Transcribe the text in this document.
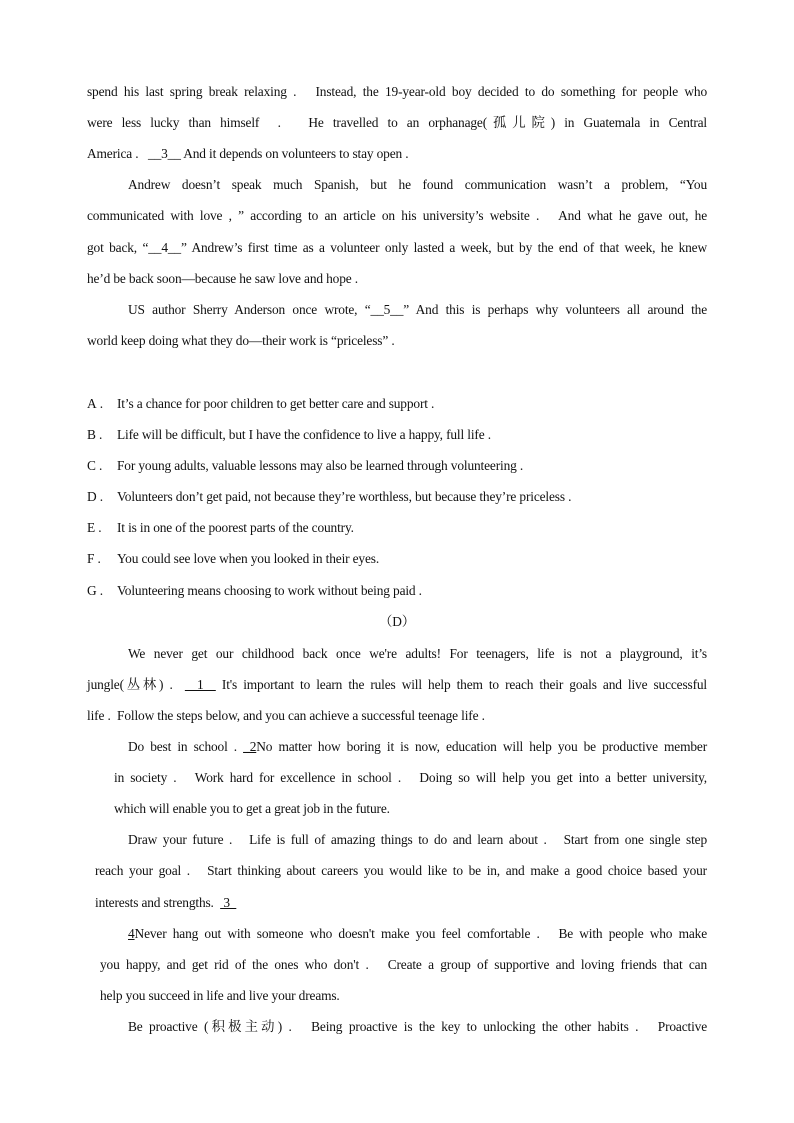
spend his last spring break relaxing .   Instead, the 19-year-old boy decided to do something for people who
were less lucky than himself  .   He travelled to an orphanage(孤儿院) in Guatemala in Central
America .   __3__ And it depends on volunteers to stay open .
Andrew doesn’t speak much Spanish, but he found communication wasn’t a problem, “You
communicated with love , ” according to an article on his university’s website .   And what he gave out, he
got back, “__4__” Andrew’s first time as a volunteer only lasted a week, but by the end of that week, he knew
he’d be back soon—because he saw love and hope .
US author Sherry Anderson once wrote, “__5__” And this is perhaps why volunteers all around the
world keep doing what they do—their work is “priceless” .
A . It’s a chance for poor children to get better care and support .
B . Life will be difficult, but I have the confidence to live a happy, full life .
C . For young adults, valuable lessons may also be learned through volunteering .
D . Volunteers don’t get paid, not because they’re worthless, but because they’re priceless .
E . It is in one of the poorest parts of the country.
F . You could see love when you looked in their eyes.
G . Volunteering means choosing to work without being paid .
（D）
We never get our childhood back once we're adults! For teenagers, life is not a playground, it’s
jungle(丛林) .    1   It's important to learn the rules will help them to reach their goals and live successful
life .  Follow the steps below, and you can achieve a successful teenage life .
Do best in school . _2No matter how boring it is now, education will help you be productive member
in society .   Work hard for excellence in school .   Doing so will help you get into a better university,
which will enable you to get a great job in the future.
Draw your future .   Life is full of amazing things to do and learn about .   Start from one single step
reach your goal .   Start thinking about careers you would like to be in, and make a good choice based your
interests and strengths.   3
4Never hang out with someone who doesn't make you feel comfortable .   Be with people who make
you happy, and get rid of the ones who don't .   Create a group of supportive and loving friends that can
help you succeed in life and live your dreams.
Be proactive (积极主动) .   Being proactive is the key to unlocking the other habits .   Proactive
